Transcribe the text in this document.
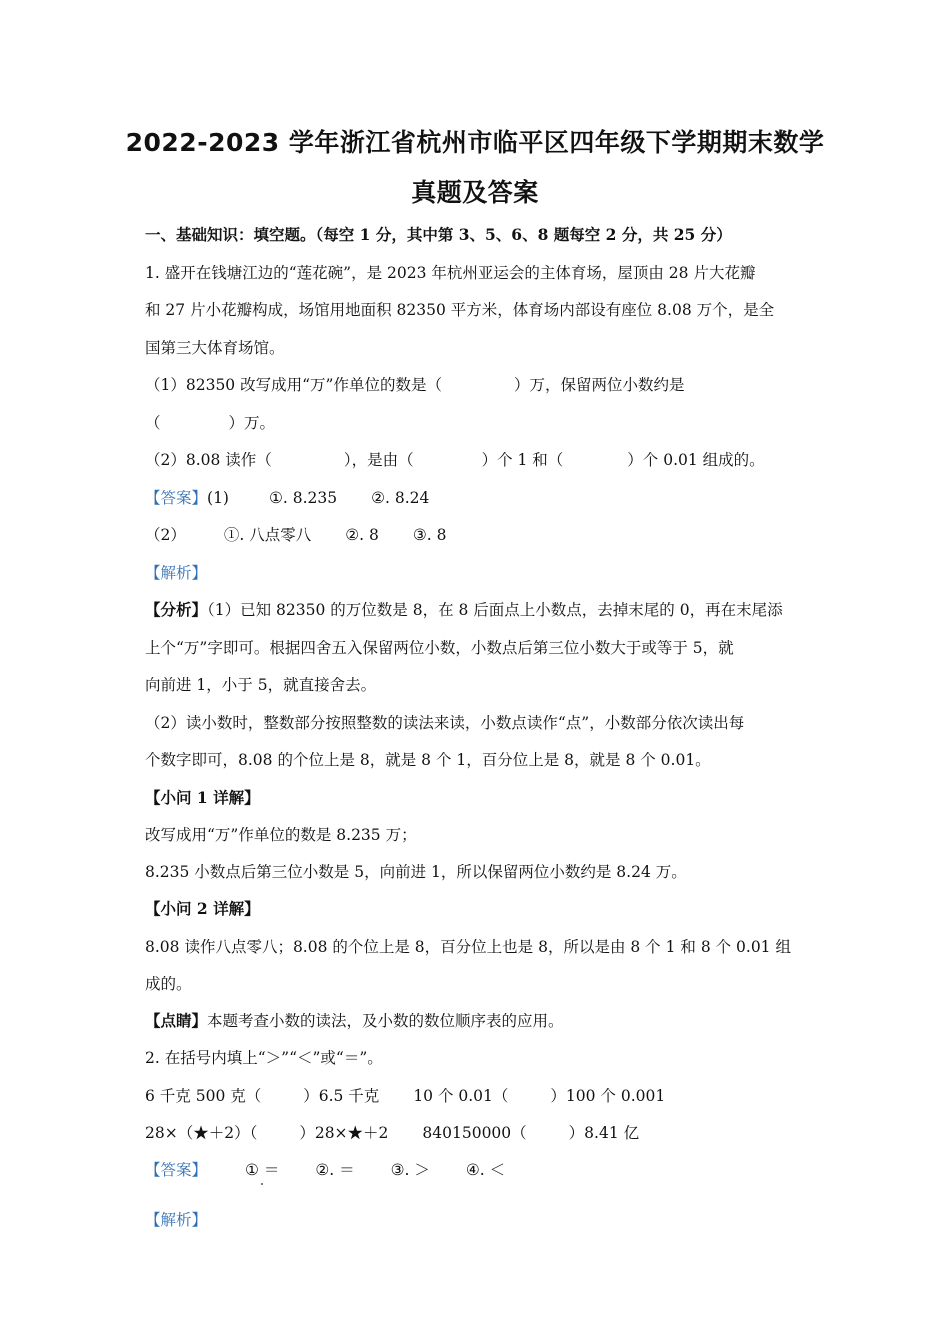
2022-2023 学年浙江省杭州市临平区四年级下学期期末数学
真题及答案
一、基础知识：填空题。（每空 1 分，其中第 3、5、6、8 题每空 2 分，共 25 分）
1. 盛开在钱塘江边的“莲花碗”，是 2023 年杭州亚运会的主体育场，屋顶由 28 片大花瓣
和 27 片小花瓣构成，场馆用地面积 82350 平方米，体育场内部设有座位 8.08 万个，是全
国第三大体育场馆。
（1）82350 改写成用“万”作单位的数是（	）万，保留两位小数约是
（	）万。
（2）8.08 读作（	），是由（	）个 1 和（	）个 0.01 组成的。
【答案】(1)	①. 8.235 ②. 8.24
（2） ①. 八点零八 ②. 8 ③. 8
【解析】
【分析】（1）已知 82350 的万位数是 8，在 8 后面点上小数点，去掉末尾的 0，再在末尾添
上个“万”字即可。根据四舍五入保留两位小数，小数点后第三位小数大于或等于 5，就
向前进 1，小于 5，就直接舍去。
（2）读小数时，整数部分按照整数的读法来读，小数点读作“点”，小数部分依次读出每
个数字即可，8.08 的个位上是 8，就是 8 个 1，百分位上是 8，就是 8 个 0.01。
【小问 1 详解】
改写成用“万”作单位的数是 8.235 万；
8.235 小数点后第三位小数是 5，向前进 1，所以保留两位小数约是 8.24 万。
【小问 2 详解】
8.08 读作八点零八；8.08 的个位上是 8，百分位上也是 8，所以是由 8 个 1 和 8 个 0.01 组
成的。
【点睛】本题考查小数的读法，及小数的数位顺序表的应用。
2. 在括号内填上“＞”“＜”或“＝”。
6 千克 500 克（	）6.5 千克 10 个 0.01（	）100 个 0.001
28×（★＋2）（	）28×★＋2 840150000（	）8.41 亿
【答案】 ① ＝ ②. ＝ ③. ＞ ④. ＜
【解析】
